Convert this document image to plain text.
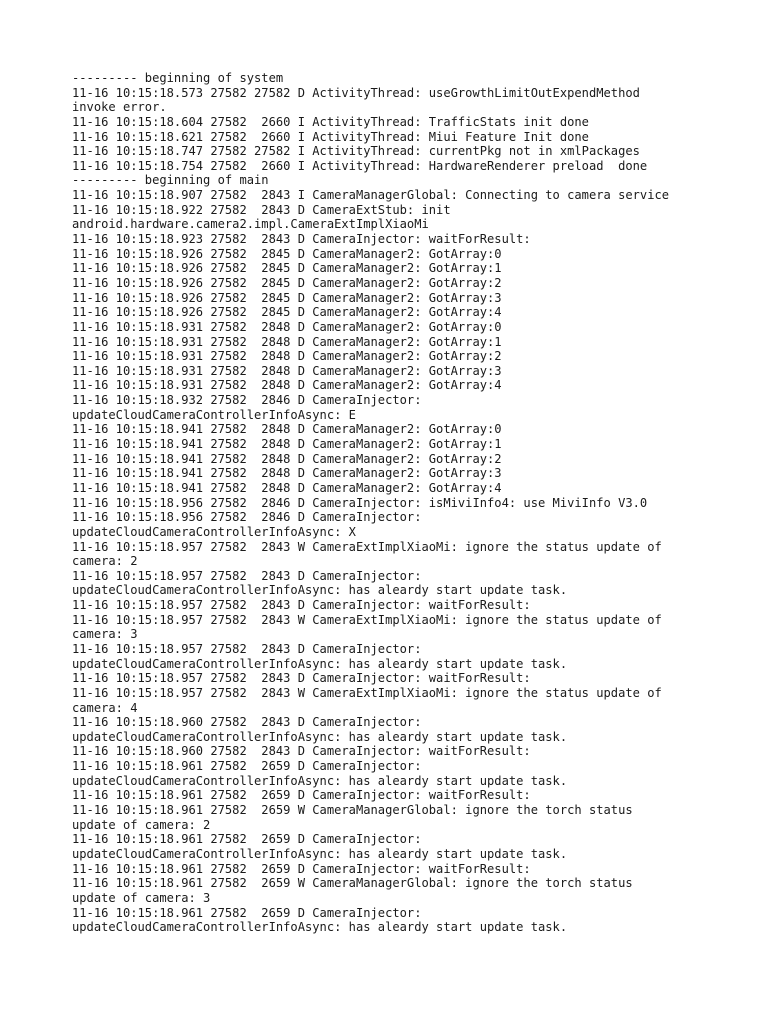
--------- beginning of system
11-16 10:15:18.573 27582 27582 D ActivityThread: useGrowthLimitOutExpendMethod
invoke error.
11-16 10:15:18.604 27582  2660 I ActivityThread: TrafficStats init done
11-16 10:15:18.621 27582  2660 I ActivityThread: Miui Feature Init done
11-16 10:15:18.747 27582 27582 I ActivityThread: currentPkg not in xmlPackages
11-16 10:15:18.754 27582  2660 I ActivityThread: HardwareRenderer preload  done
--------- beginning of main
11-16 10:15:18.907 27582  2843 I CameraManagerGlobal: Connecting to camera service
11-16 10:15:18.922 27582  2843 D CameraExtStub: init
android.hardware.camera2.impl.CameraExtImplXiaoMi
11-16 10:15:18.923 27582  2843 D CameraInjector: waitForResult:
11-16 10:15:18.926 27582  2845 D CameraManager2: GotArray:0
11-16 10:15:18.926 27582  2845 D CameraManager2: GotArray:1
11-16 10:15:18.926 27582  2845 D CameraManager2: GotArray:2
11-16 10:15:18.926 27582  2845 D CameraManager2: GotArray:3
11-16 10:15:18.926 27582  2845 D CameraManager2: GotArray:4
11-16 10:15:18.931 27582  2848 D CameraManager2: GotArray:0
11-16 10:15:18.931 27582  2848 D CameraManager2: GotArray:1
11-16 10:15:18.931 27582  2848 D CameraManager2: GotArray:2
11-16 10:15:18.931 27582  2848 D CameraManager2: GotArray:3
11-16 10:15:18.931 27582  2848 D CameraManager2: GotArray:4
11-16 10:15:18.932 27582  2846 D CameraInjector:
updateCloudCameraControllerInfoAsync: E
11-16 10:15:18.941 27582  2848 D CameraManager2: GotArray:0
11-16 10:15:18.941 27582  2848 D CameraManager2: GotArray:1
11-16 10:15:18.941 27582  2848 D CameraManager2: GotArray:2
11-16 10:15:18.941 27582  2848 D CameraManager2: GotArray:3
11-16 10:15:18.941 27582  2848 D CameraManager2: GotArray:4
11-16 10:15:18.956 27582  2846 D CameraInjector: isMiviInfo4: use MiviInfo V3.0
11-16 10:15:18.956 27582  2846 D CameraInjector:
updateCloudCameraControllerInfoAsync: X
11-16 10:15:18.957 27582  2843 W CameraExtImplXiaoMi: ignore the status update of
camera: 2
11-16 10:15:18.957 27582  2843 D CameraInjector:
updateCloudCameraControllerInfoAsync: has aleardy start update task.
11-16 10:15:18.957 27582  2843 D CameraInjector: waitForResult:
11-16 10:15:18.957 27582  2843 W CameraExtImplXiaoMi: ignore the status update of
camera: 3
11-16 10:15:18.957 27582  2843 D CameraInjector:
updateCloudCameraControllerInfoAsync: has aleardy start update task.
11-16 10:15:18.957 27582  2843 D CameraInjector: waitForResult:
11-16 10:15:18.957 27582  2843 W CameraExtImplXiaoMi: ignore the status update of
camera: 4
11-16 10:15:18.960 27582  2843 D CameraInjector:
updateCloudCameraControllerInfoAsync: has aleardy start update task.
11-16 10:15:18.960 27582  2843 D CameraInjector: waitForResult:
11-16 10:15:18.961 27582  2659 D CameraInjector:
updateCloudCameraControllerInfoAsync: has aleardy start update task.
11-16 10:15:18.961 27582  2659 D CameraInjector: waitForResult:
11-16 10:15:18.961 27582  2659 W CameraManagerGlobal: ignore the torch status
update of camera: 2
11-16 10:15:18.961 27582  2659 D CameraInjector:
updateCloudCameraControllerInfoAsync: has aleardy start update task.
11-16 10:15:18.961 27582  2659 D CameraInjector: waitForResult:
11-16 10:15:18.961 27582  2659 W CameraManagerGlobal: ignore the torch status
update of camera: 3
11-16 10:15:18.961 27582  2659 D CameraInjector:
updateCloudCameraControllerInfoAsync: has aleardy start update task.
